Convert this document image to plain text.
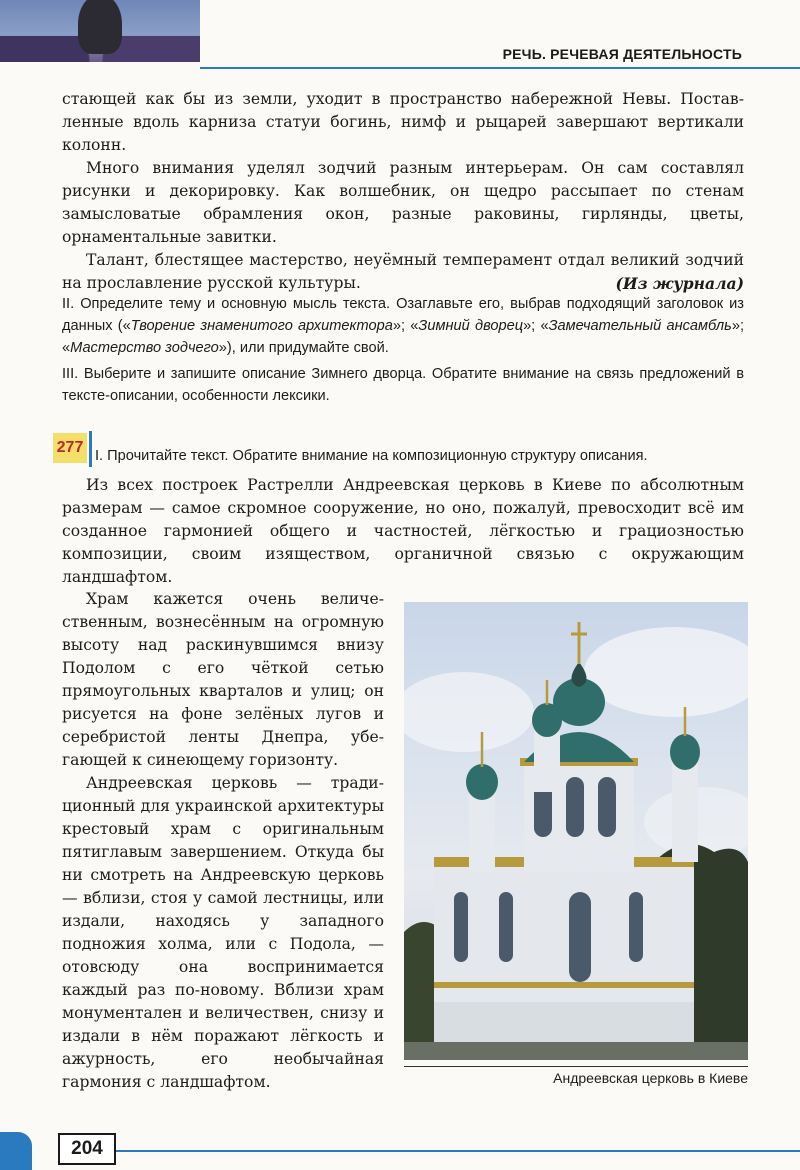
РЕЧЬ. РЕЧЕВАЯ ДЕЯТЕЛЬНОСТЬ

стающей как бы из земли, уходит в пространство набережной Невы. Поставленные вдоль карниза статуи богинь, нимф и рыцарей завершают вертикали колонн.

Много внимания уделял зодчий разным интерьерам. Он сам составлял рисунки и декорировку. Как волшебник, он щедро рассыпает по стенам замысловатые обрамления окон, разные раковины, гирлянды, цветы, орнаментальные завитки.

Талант, блестящее мастерство, неуёмный темперамент отдал великий зодчий на прославление русской культуры.	(Из журнала)

II. Определите тему и основную мысль текста. Озаглавьте его, выбрав подходящий заголовок из данных («Творение знаменитого архитектора»; «Зимний дворец»; «Замечательный ансамбль»; «Мастерство зодчего»), или придумайте свой.

III. Выберите и запишите описание Зимнего дворца. Обратите внимание на связь предложений в тексте-описании, особенности лексики.

277 I. Прочитайте текст. Обратите внимание на композиционную структуру описания.

Из всех построек Растрелли Андреевская церковь в Киеве по абсолютным размерам — самое скромное сооружение, но оно, пожалуй, превосходит всё им созданное гармонией общего и частностей, лёгкостью и грациозностью композиции, своим изяществом, органичной связью с окружающим ландшафтом.

Храм кажется очень величественным, вознесённым на огромную высоту над раскинувшимся внизу Подолом с его чёткой сетью прямоугольных кварталов и улиц; он рисуется на фоне зелёных лугов и серебристой ленты Днепра, убегающей к синеющему горизонту.

Андреевская церковь — традиционный для украинской архитектуры крестовый храм с оригинальным пятиглавым завершением. Откуда бы ни смотреть на Андреевскую церковь — вблизи, стоя у самой лестницы, или издали, находясь у западного подножия холма, или с Подола, — отовсюду она воспринимается каждый раз по-новому. Вблизи храм монументален и величествен, снизу и издали в нём поражают лёгкость и ажурность, его необычайная гармония с ландшафтом.	Андреевская церковь в Киеве
204
